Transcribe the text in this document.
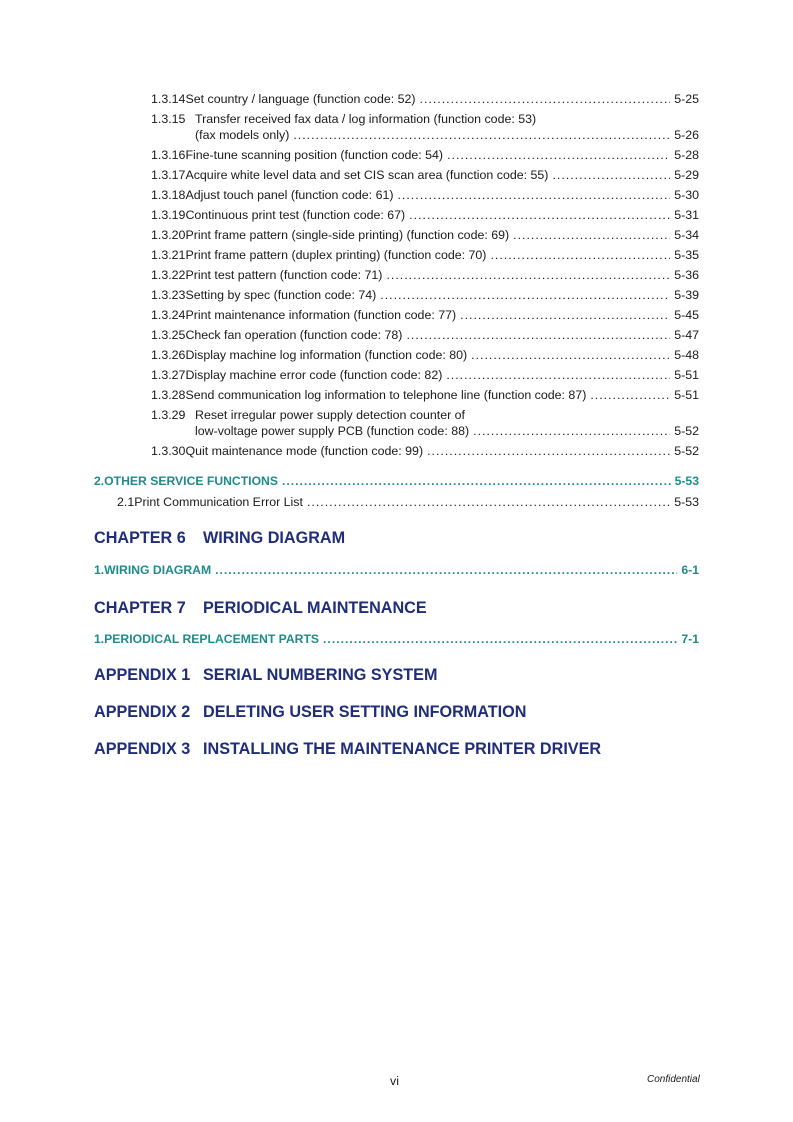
1.3.14 Set country / language (function code: 52) .....	5-25
1.3.15 Transfer received fax data / log information (function code: 53)
(fax models only) .....	5-26
1.3.16 Fine-tune scanning position (function code: 54) .....	5-28
1.3.17 Acquire white level data and set CIS scan area (function code: 55) .....	5-29
1.3.18 Adjust touch panel (function code: 61) .....	5-30
1.3.19 Continuous print test (function code: 67) .....	5-31
1.3.20 Print frame pattern (single-side printing) (function code: 69) .....	5-34
1.3.21 Print frame pattern (duplex printing) (function code: 70) .....	5-35
1.3.22 Print test pattern (function code: 71) .....	5-36
1.3.23 Setting by spec (function code: 74) .....	5-39
1.3.24 Print maintenance information (function code: 77) .....	5-45
1.3.25 Check fan operation (function code: 78) .....	5-47
1.3.26 Display machine log information (function code: 80) .....	5-48
1.3.27 Display machine error code (function code: 82) .....	5-51
1.3.28 Send communication log information to telephone line (function code: 87) .....	5-51
1.3.29 Reset irregular power supply detection counter of
low-voltage power supply PCB (function code: 88) .....	5-52
1.3.30 Quit maintenance mode (function code: 99) .....	5-52
2. OTHER SERVICE FUNCTIONS .....	5-53
2.1 Print Communication Error List .....	5-53
CHAPTER 6 WIRING DIAGRAM
1. WIRING DIAGRAM .....	6-1
CHAPTER 7 PERIODICAL MAINTENANCE
1. PERIODICAL REPLACEMENT PARTS .....	7-1
APPENDIX 1 SERIAL NUMBERING SYSTEM
APPENDIX 2 DELETING USER SETTING INFORMATION
APPENDIX 3 INSTALLING THE MAINTENANCE PRINTER DRIVER
vi	Confidential
